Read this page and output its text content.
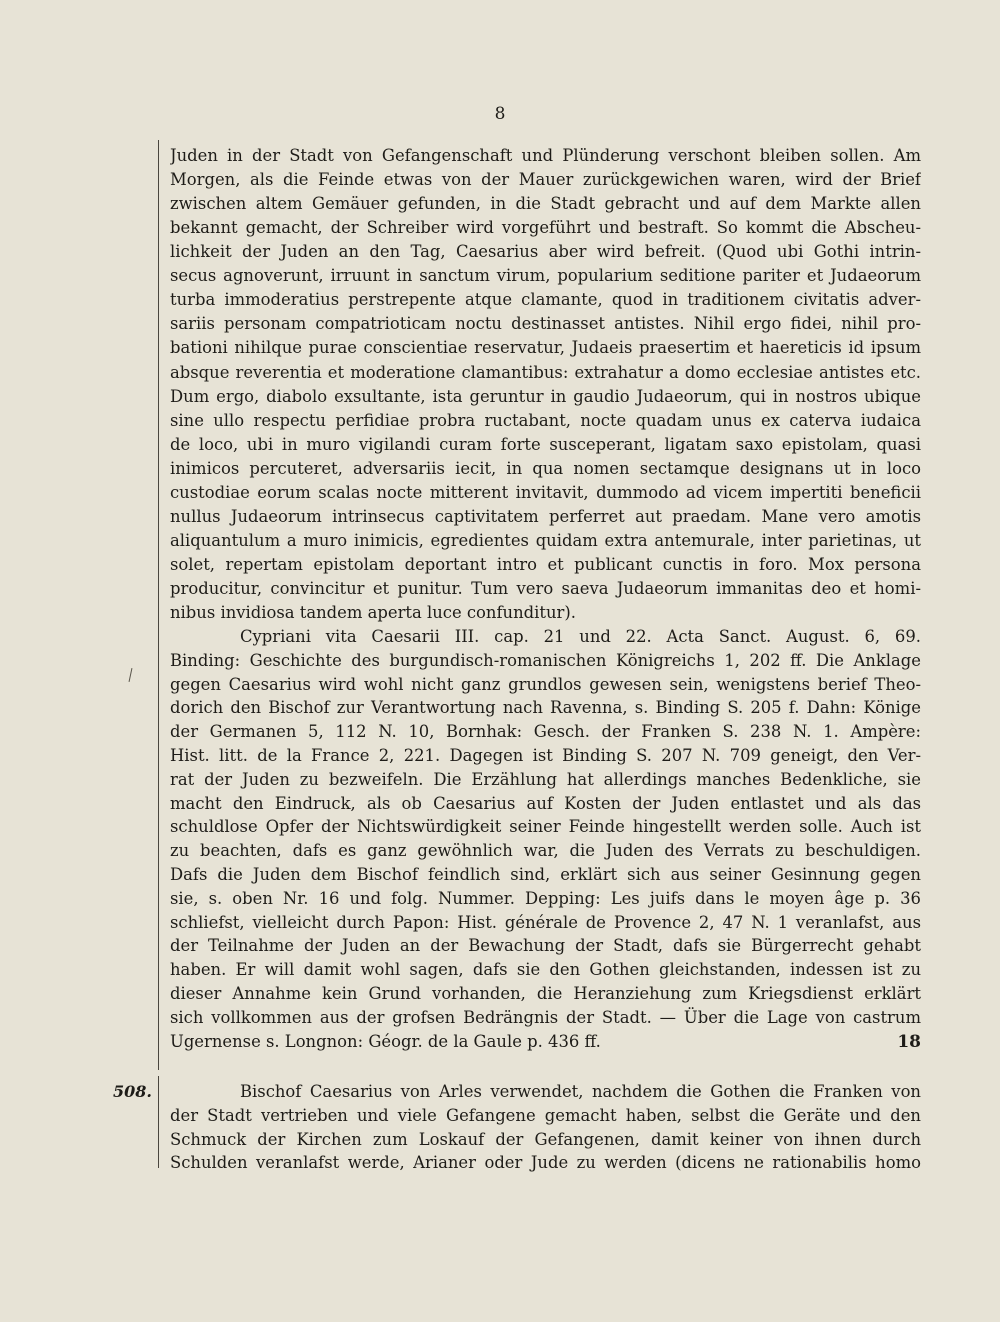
8
Juden in der Stadt von Gefangenschaft und Plünderung verschont bleiben sollen. Am
Morgen, als die Feinde etwas von der Mauer zurückgewichen waren, wird der Brief
zwischen altem Gemäuer gefunden, in die Stadt gebracht und auf dem Markte allen
bekannt gemacht, der Schreiber wird vorgeführt und bestraft. So kommt die Abscheu-
lichkeit der Juden an den Tag, Caesarius aber wird befreit. (Quod ubi Gothi intrin-
secus agnoverunt, irruunt in sanctum virum, popularium seditione pariter et Judaeorum
turba immoderatius perstrepente atque clamante, quod in traditionem civitatis adver-
sariis personam compatrioticam noctu destinasset antistes. Nihil ergo fidei, nihil pro-
bationi nihilque purae conscientiae reservatur, Judaeis praesertim et haereticis id ipsum
absque reverentia et moderatione clamantibus: extrahatur a domo ecclesiae antistes etc.
Dum ergo, diabolo exsultante, ista geruntur in gaudio Judaeorum, qui in nostros ubique
sine ullo respectu perfidiae probra ructabant, nocte quadam unus ex caterva iudaica
de loco, ubi in muro vigilandi curam forte susceperant, ligatam saxo epistolam, quasi
inimicos percuteret, adversariis iecit, in qua nomen sectamque designans ut in loco
custodiae eorum scalas nocte mitterent invitavit, dummodo ad vicem impertiti beneficii
nullus Judaeorum intrinsecus captivitatem perferret aut praedam. Mane vero amotis
aliquantulum a muro inimicis, egredientes quidam extra antemurale, inter parietinas, ut
solet, repertam epistolam deportant intro et publicant cunctis in foro. Mox persona
producitur, convincitur et punitur. Tum vero saeva Judaeorum immanitas deo et homi-
nibus invidiosa tandem aperta luce confunditur).
Cypriani vita Caesarii III. cap. 21 und 22. Acta Sanct. August. 6, 69.
Binding: Geschichte des burgundisch-romanischen Königreichs 1, 202 ff. Die Anklage
gegen Caesarius wird wohl nicht ganz grundlos gewesen sein, wenigstens berief Theo-
dorich den Bischof zur Verantwortung nach Ravenna, s. Binding S. 205 f. Dahn: Könige
der Germanen 5, 112 N. 10, Bornhak: Gesch. der Franken S. 238 N. 1. Ampère:
Hist. litt. de la France 2, 221. Dagegen ist Binding S. 207 N. 709 geneigt, den Ver-
rat der Juden zu bezweifeln. Die Erzählung hat allerdings manches Bedenkliche, sie
macht den Eindruck, als ob Caesarius auf Kosten der Juden entlastet und als das
schuldlose Opfer der Nichtswürdigkeit seiner Feinde hingestellt werden solle. Auch ist
zu beachten, dafs es ganz gewöhnlich war, die Juden des Verrats zu beschuldigen.
Dafs die Juden dem Bischof feindlich sind, erklärt sich aus seiner Gesinnung gegen
sie, s. oben Nr. 16 und folg. Nummer. Depping: Les juifs dans le moyen âge p. 36
schliefst, vielleicht durch Papon: Hist. générale de Provence 2, 47 N. 1 veranlafst, aus
der Teilnahme der Juden an der Bewachung der Stadt, dafs sie Bürgerrecht gehabt
haben. Er will damit wohl sagen, dafs sie den Gothen gleichstanden, indessen ist zu
dieser Annahme kein Grund vorhanden, die Heranziehung zum Kriegsdienst erklärt
sich vollkommen aus der grofsen Bedrängnis der Stadt. — Über die Lage von castrum
Ugernense s. Longnon: Géogr. de la Gaule p. 436 ff.
Bischof Caesarius von Arles verwendet, nachdem die Gothen die Franken von
der Stadt vertrieben und viele Gefangene gemacht haben, selbst die Geräte und den
Schmuck der Kirchen zum Loskauf der Gefangenen, damit keiner von ihnen durch
Schulden veranlafst werde, Arianer oder Jude zu werden (dicens ne rationabilis homo
18
508.
